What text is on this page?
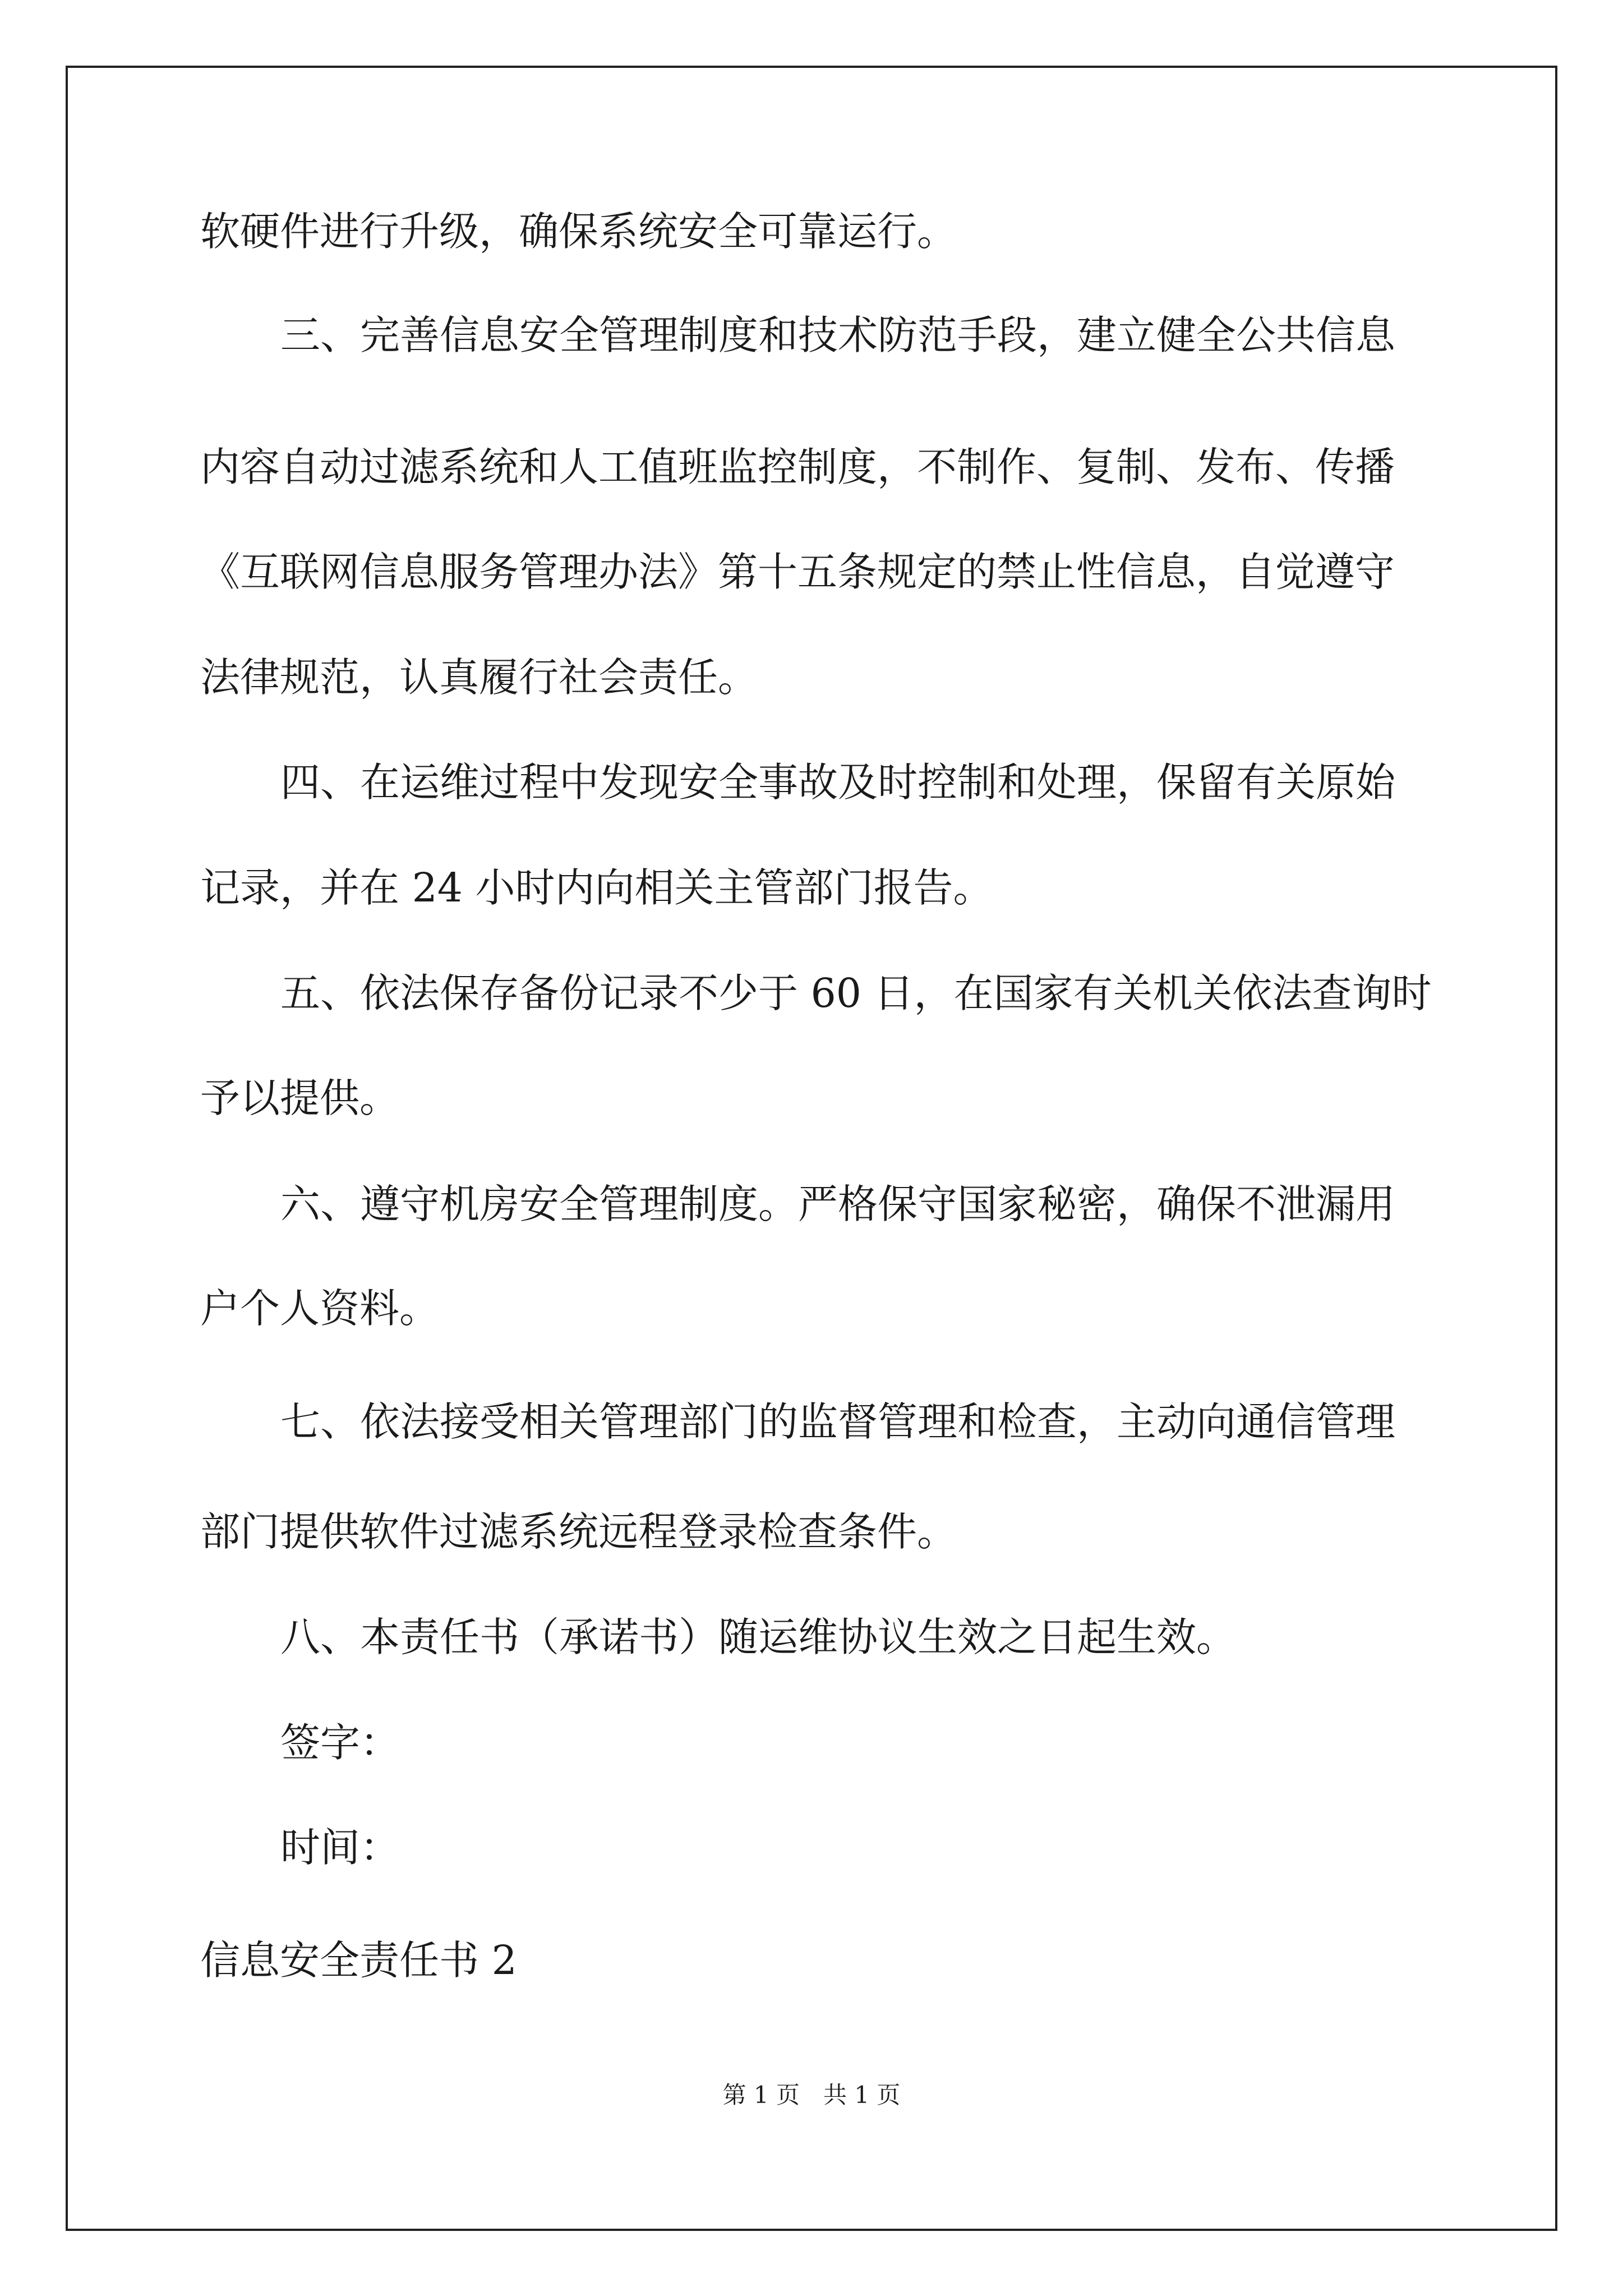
软硬件进行升级，确保系统安全可靠运行。

三、完善信息安全管理制度和技术防范手段，建立健全公共信息

内容自动过滤系统和人工值班监控制度，不制作、复制、发布、传播

《互联网信息服务管理办法》第十五条规定的禁止性信息，自觉遵守

法律规范，认真履行社会责任。

四、在运维过程中发现安全事故及时控制和处理，保留有关原始

记录，并在 24 小时内向相关主管部门报告。

五、依法保存备份记录不少于 60 日，在国家有关机关依法查询时

予以提供。

六、遵守机房安全管理制度。严格保守国家秘密，确保不泄漏用

户个人资料。

七、依法接受相关管理部门的监督管理和检查，主动向通信管理

部门提供软件过滤系统远程登录检查条件。

八、本责任书（承诺书）随运维协议生效之日起生效。

签字：

时间：

信息安全责任书 2

第 1 页　共 1 页
